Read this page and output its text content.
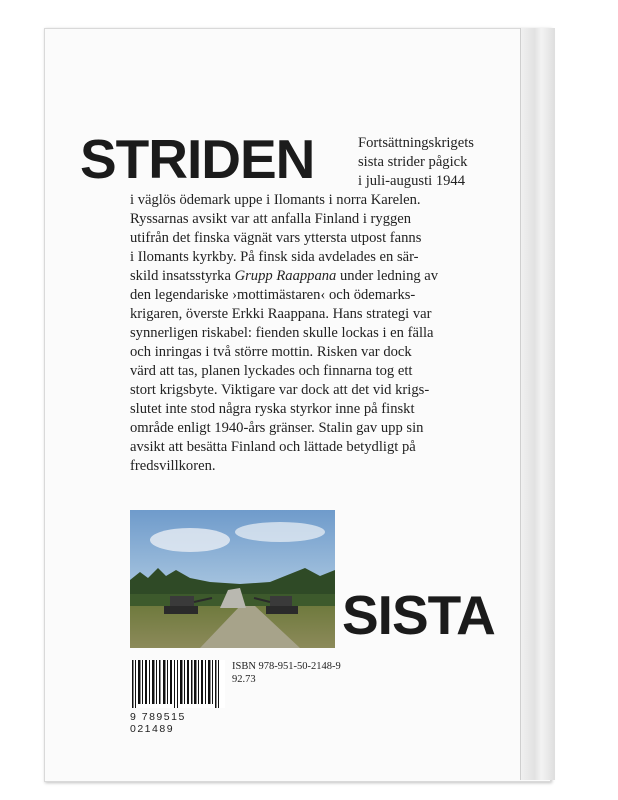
STRIDEN	Fortsättningskrigets
sista strider pågick
i juli-augusti 1944
i väglös ödemark uppe i Ilomants i norra Karelen.
Ryssarnas avsikt var att anfalla Finland i ryggen
utifrån det finska vägnät vars yttersta utpost fanns
i Ilomants kyrkby. På finsk sida avdelades en sär-
skild insatsstyrka Grupp Raappana under ledning av
den legendariske ›mottimästaren‹ och ödemarks-
krigaren, överste Erkki Raappana. Hans strategi var
synnerligen riskabel: fienden skulle lockas i en fälla
och inringas i två större mottin. Risken var dock
värd att tas, planen lyckades och finnarna tog ett
stort krigsbyte. Viktigare var dock att det vid krigs-
slutet inte stod några ryska styrkor inne på finskt
område enligt 1940-års gränser. Stalin gav upp sin
avsikt att besätta Finland och lättade betydligt på
fredsvillkoren.
SISTA
9 789515 021489
ISBN 978-951-50-2148-9
92.73
